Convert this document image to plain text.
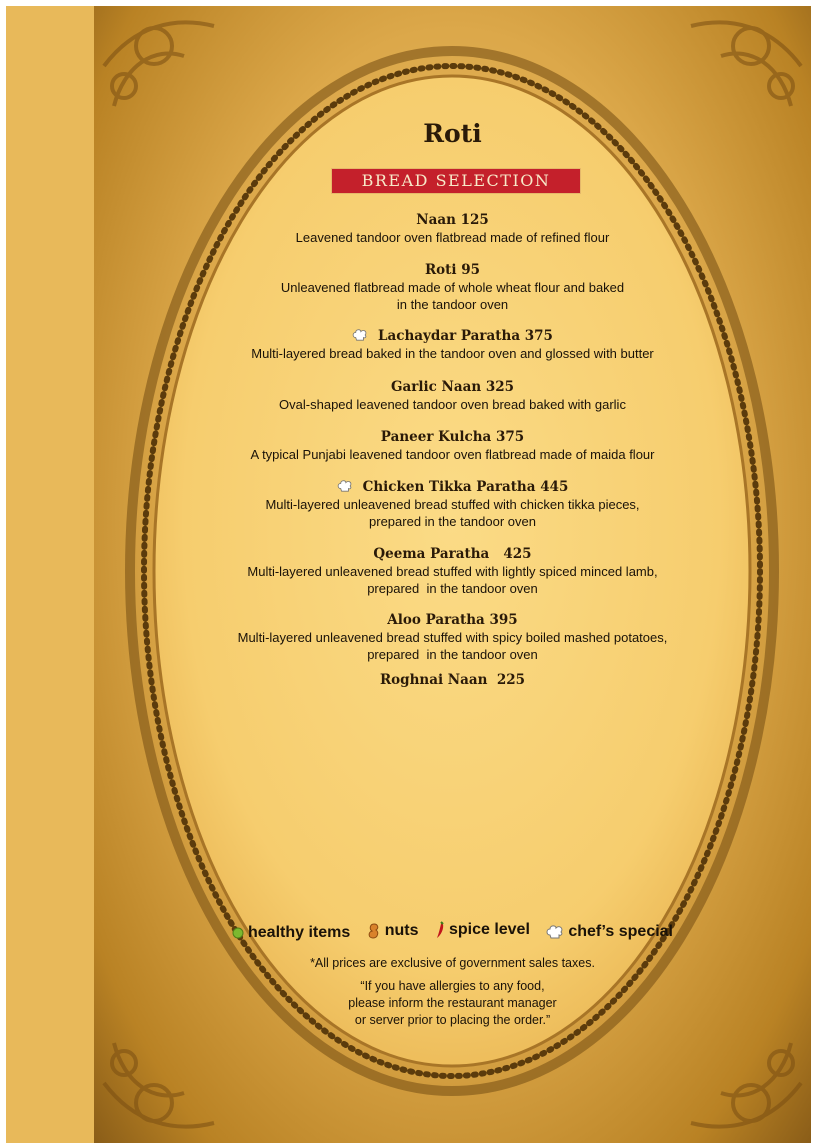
Roti
BREAD SELECTION
Naan 125
Leavened tandoor oven flatbread made of refined flour
Roti 95
Unleavened flatbread made of whole wheat flour and baked
in the tandoor oven
Lachaydar Paratha 375
Multi-layered bread baked in the tandoor oven and glossed with butter
Garlic Naan 325
Oval-shaped leavened tandoor oven bread baked with garlic
Paneer Kulcha 375
A typical Punjabi leavened tandoor oven flatbread made of maida flour
Chicken Tikka Paratha 445
Multi-layered unleavened bread stuffed with chicken tikka pieces,
prepared in the tandoor oven
Qeema Paratha   425
Multi-layered unleavened bread stuffed with lightly spiced minced lamb,
prepared  in the tandoor oven
Aloo Paratha 395
Multi-layered unleavened bread stuffed with spicy boiled mashed potatoes,
prepared  in the tandoor oven
Roghnai Naan  225
healthy items
nuts
spice level
chef’s special
*All prices are exclusive of government sales taxes.
“If you have allergies to any food,
please inform the restaurant manager
or server prior to placing the order.”
